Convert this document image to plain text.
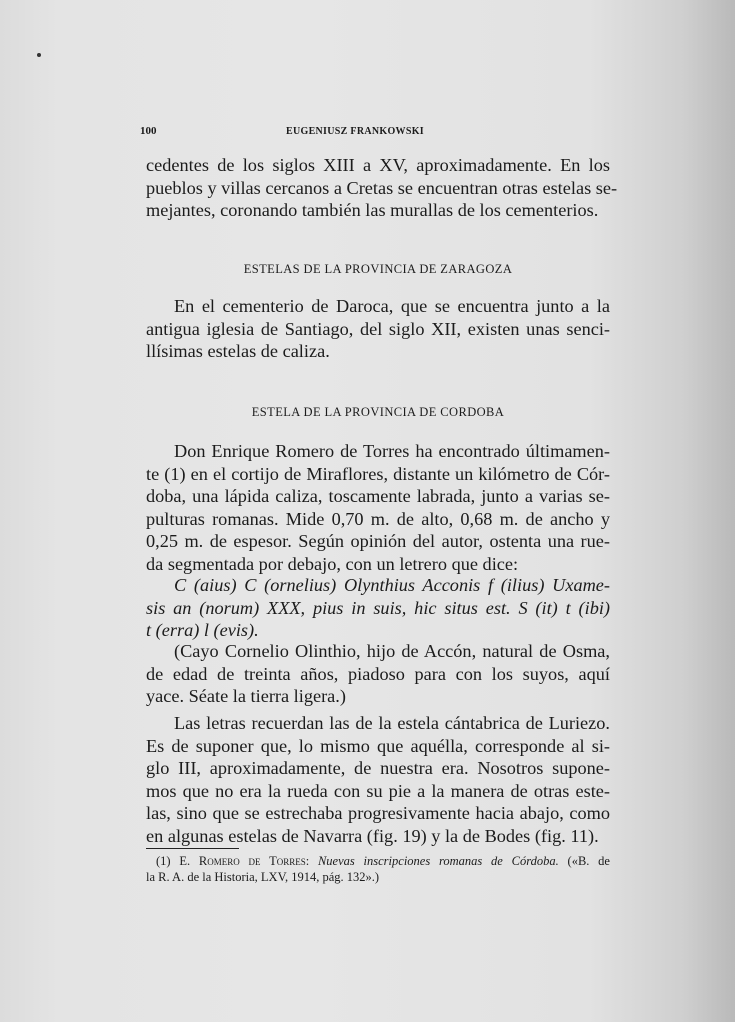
100	EUGENIUSZ FRANKOWSKI

cedentes de los siglos XIII a XV, aproximadamente. En los
pueblos y villas cercanos a Cretas se encuentran otras estelas se-
mejantes, coronando también las murallas de los cementerios.

ESTELAS DE LA PROVINCIA DE ZARAGOZA

En el cementerio de Daroca, que se encuentra junto a la
antigua iglesia de Santiago, del siglo XII, existen unas senci-
llísimas estelas de caliza.

ESTELA DE LA PROVINCIA DE CORDOBA

Don Enrique Romero de Torres ha encontrado últimamen-
te (1) en el cortijo de Miraflores, distante un kilómetro de Cór-
doba, una lápida caliza, toscamente labrada, junto a varias se-
pulturas romanas. Mide 0,70 m. de alto, 0,68 m. de ancho y
0,25 m. de espesor. Según opinión del autor, ostenta una rue-
da segmentada por debajo, con un letrero que dice:

C (aius) C (ornelius) Olynthius Acconis f (ilius) Uxame-
sis an (norum) XXX, pius in suis, hic situs est. S (it) t (ibi)
t (erra) l (evis).

(Cayo Cornelio Olinthio, hijo de Accón, natural de Osma,
de edad de treinta años, piadoso para con los suyos, aquí
yace. Séate la tierra ligera.)

Las letras recuerdan las de la estela cántabrica de Luriezo.
Es de suponer que, lo mismo que aquélla, corresponde al si-
glo III, aproximadamente, de nuestra era. Nosotros supone-
mos que no era la rueda con su pie a la manera de otras este-
las, sino que se estrechaba progresivamente hacia abajo, como
en algunas estelas de Navarra (fig. 19) y la de Bodes (fig. 11).

(1) E. Romero de Torres: Nuevas inscripciones romanas de Córdoba. («B. de
la R. A. de la Historia, LXV, 1914, pág. 132».)
